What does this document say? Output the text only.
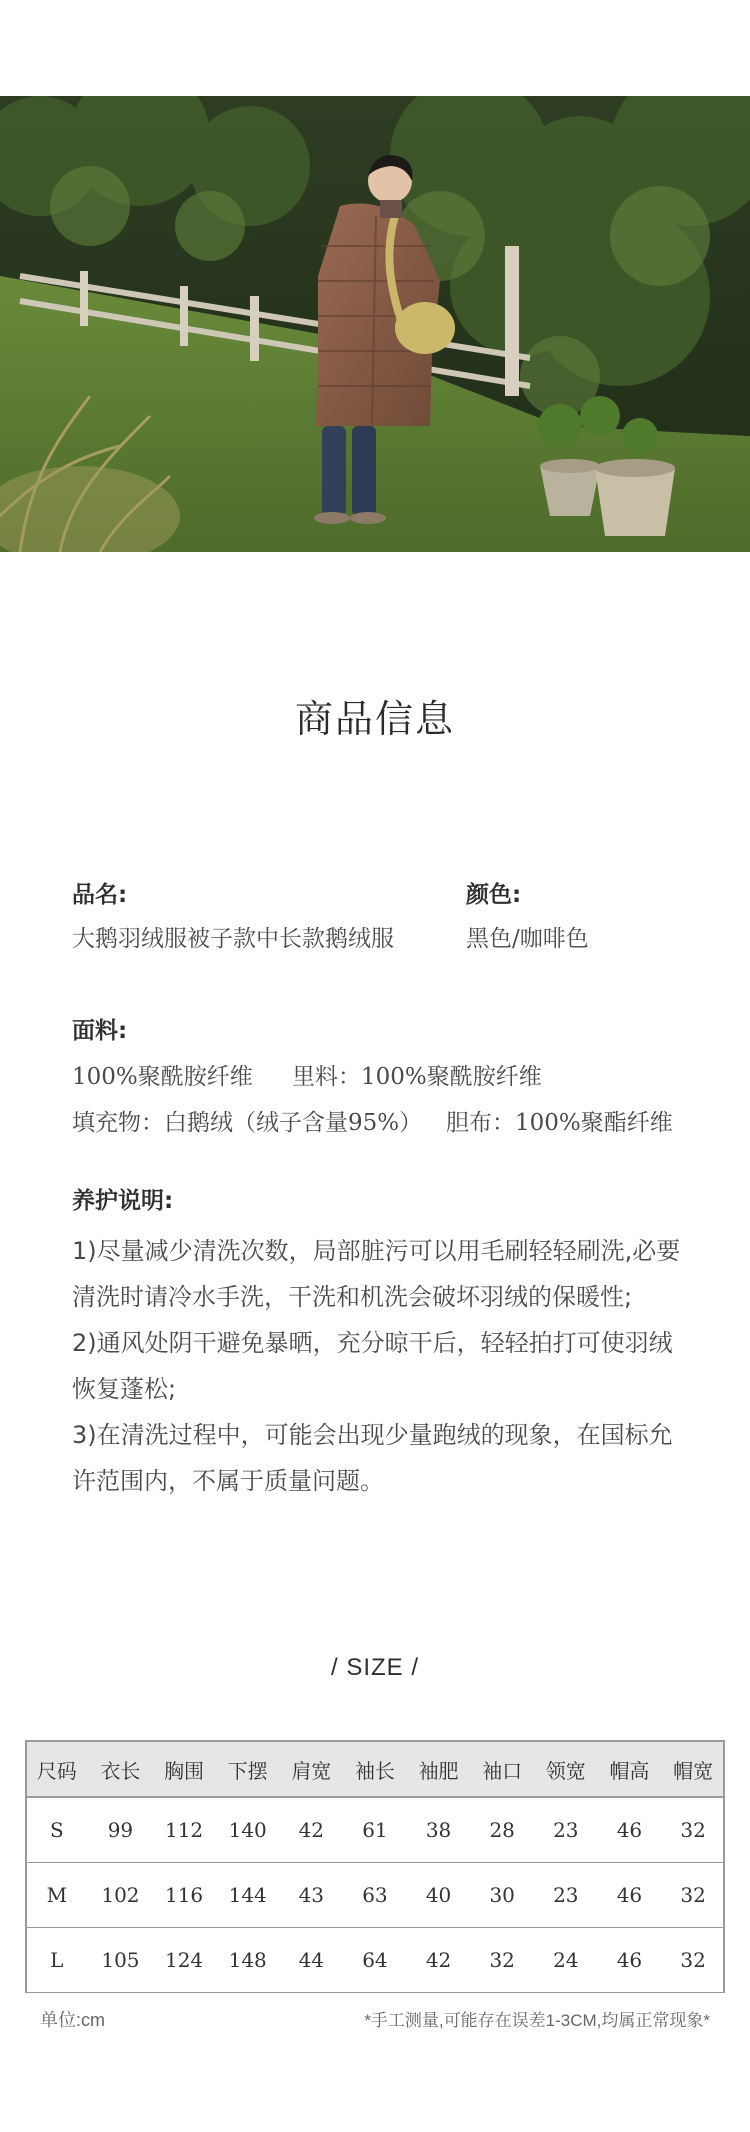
商品信息
品名:
大鹅羽绒服被子款中长款鹅绒服
颜色:
黑色/咖啡色
面料:
100%聚酰胺纤维 里料：100%聚酰胺纤维
填充物：白鹅绒（绒子含量95%） 胆布：100%聚酯纤维
养护说明:
1)尽量减少清洗次数，局部脏污可以用毛刷轻轻刷洗,必要
清洗时请冷水手洗，干洗和机洗会破坏羽绒的保暖性;
2)通风处阴干避免暴晒，充分晾干后，轻轻拍打可使羽绒
恢复蓬松;
3)在清洗过程中，可能会出现少量跑绒的现象，在国标允
许范围内，不属于质量问题。
/ SIZE /
尺码	衣长	胸围	下摆	肩宽	袖长	袖肥	袖口	领宽	帽高	帽宽
S	99	112	140	42	61	38	28	23	46	32
M	102	116	144	43	63	40	30	23	46	32
L	105	124	148	44	64	42	32	24	46	32
单位:cm	*手工测量,可能存在误差1-3CM,均属正常现象*
